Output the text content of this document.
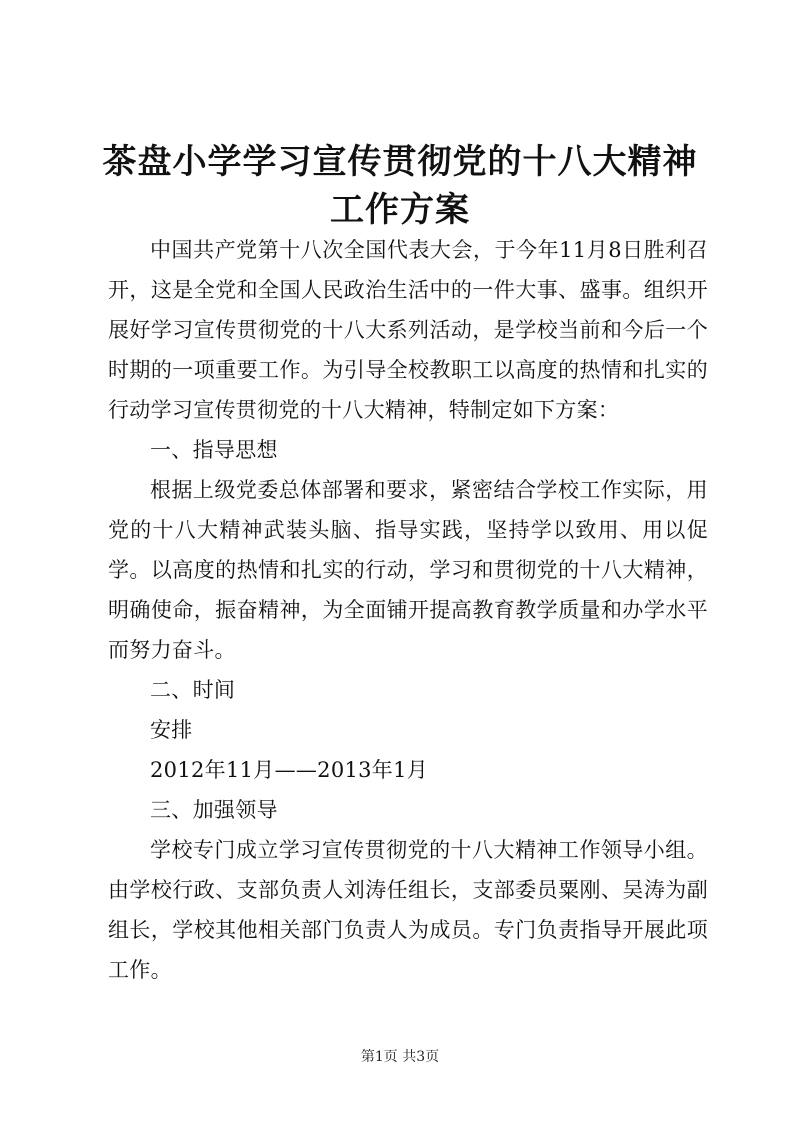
茶盘小学学习宣传贯彻党的十八大精神工作方案

中国共产党第十八次全国代表大会，于今年11月8日胜利召开，这是全党和全国人民政治生活中的一件大事、盛事。组织开展好学习宣传贯彻党的十八大系列活动，是学校当前和今后一个时期的一项重要工作。为引导全校教职工以高度的热情和扎实的行动学习宣传贯彻党的十八大精神，特制定如下方案：

一、指导思想

根据上级党委总体部署和要求，紧密结合学校工作实际，用党的十八大精神武装头脑、指导实践，坚持学以致用、用以促学。以高度的热情和扎实的行动，学习和贯彻党的十八大精神，明确使命，振奋精神，为全面铺开提高教育教学质量和办学水平而努力奋斗。

二、时间

安排

2012年11月——2013年1月

三、加强领导

学校专门成立学习宣传贯彻党的十八大精神工作领导小组。由学校行政、支部负责人刘涛任组长，支部委员粟刚、吴涛为副组长，学校其他相关部门负责人为成员。专门负责指导开展此项工作。

第1页 共3页
